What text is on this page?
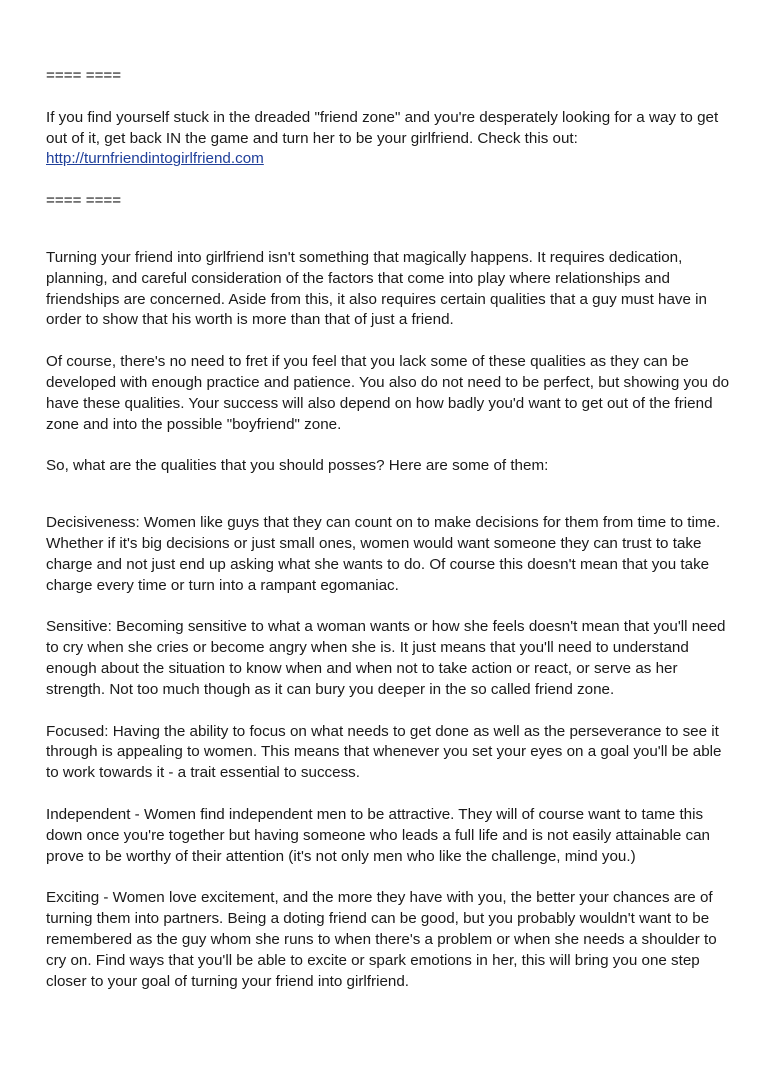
==== ====

If you find yourself stuck in the dreaded "friend zone" and you're desperately looking for a way to get out of it, get back IN the game and turn her to be your girlfriend. Check this out:
http://turnfriendintogirlfriend.com

==== ====

Turning your friend into girlfriend isn't something that magically happens. It requires dedication, planning, and careful consideration of the factors that come into play where relationships and friendships are concerned. Aside from this, it also requires certain qualities that a guy must have in order to show that his worth is more than that of just a friend.

Of course, there's no need to fret if you feel that you lack some of these qualities as they can be developed with enough practice and patience. You also do not need to be perfect, but showing you do have these qualities. Your success will also depend on how badly you'd want to get out of the friend zone and into the possible "boyfriend" zone.

So, what are the qualities that you should posses? Here are some of them:

Decisiveness: Women like guys that they can count on to make decisions for them from time to time. Whether if it's big decisions or just small ones, women would want someone they can trust to take charge and not just end up asking what she wants to do. Of course this doesn't mean that you take charge every time or turn into a rampant egomaniac.

Sensitive: Becoming sensitive to what a woman wants or how she feels doesn't mean that you'll need to cry when she cries or become angry when she is. It just means that you'll need to understand enough about the situation to know when and when not to take action or react, or serve as her strength. Not too much though as it can bury you deeper in the so called friend zone.

Focused: Having the ability to focus on what needs to get done as well as the perseverance to see it through is appealing to women. This means that whenever you set your eyes on a goal you'll be able to work towards it - a trait essential to success.

Independent - Women find independent men to be attractive. They will of course want to tame this down once you're together but having someone who leads a full life and is not easily attainable can prove to be worthy of their attention (it's not only men who like the challenge, mind you.)

Exciting - Women love excitement, and the more they have with you, the better your chances are of turning them into partners. Being a doting friend can be good, but you probably wouldn't want to be remembered as the guy whom she runs to when there's a problem or when she needs a shoulder to cry on. Find ways that you'll be able to excite or spark emotions in her, this will bring you one step closer to your goal of turning your friend into girlfriend.
